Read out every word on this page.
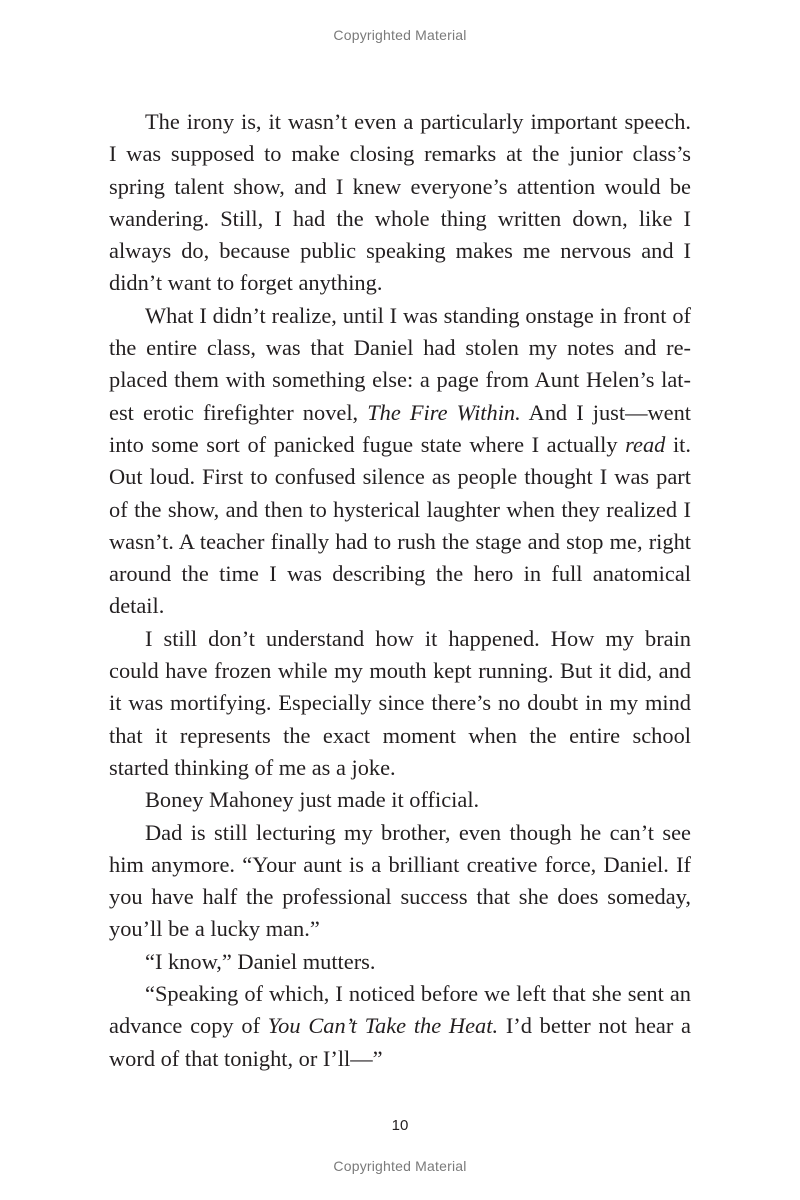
Copyrighted Material

The irony is, it wasn’t even a particularly important speech. I was supposed to make closing remarks at the junior class’s spring talent show, and I knew everyone’s attention would be wandering. Still, I had the whole thing written down, like I always do, because public speaking makes me nervous and I didn’t want to forget anything.

What I didn’t realize, until I was standing onstage in front of the entire class, was that Daniel had stolen my notes and replaced them with something else: a page from Aunt Helen’s latest erotic firefighter novel, The Fire Within. And I just—went into some sort of panicked fugue state where I actually read it. Out loud. First to confused silence as people thought I was part of the show, and then to hysterical laughter when they realized I wasn’t. A teacher finally had to rush the stage and stop me, right around the time I was describing the hero in full anatomical detail.

I still don’t understand how it happened. How my brain could have frozen while my mouth kept running. But it did, and it was mortifying. Especially since there’s no doubt in my mind that it represents the exact moment when the entire school started thinking of me as a joke.

Boney Mahoney just made it official.

Dad is still lecturing my brother, even though he can’t see him anymore. “Your aunt is a brilliant creative force, Daniel. If you have half the professional success that she does someday, you’ll be a lucky man.”

“I know,” Daniel mutters.

“Speaking of which, I noticed before we left that she sent an advance copy of You Can’t Take the Heat. I’d better not hear a word of that tonight, or I’ll—”

10
Copyrighted Material
